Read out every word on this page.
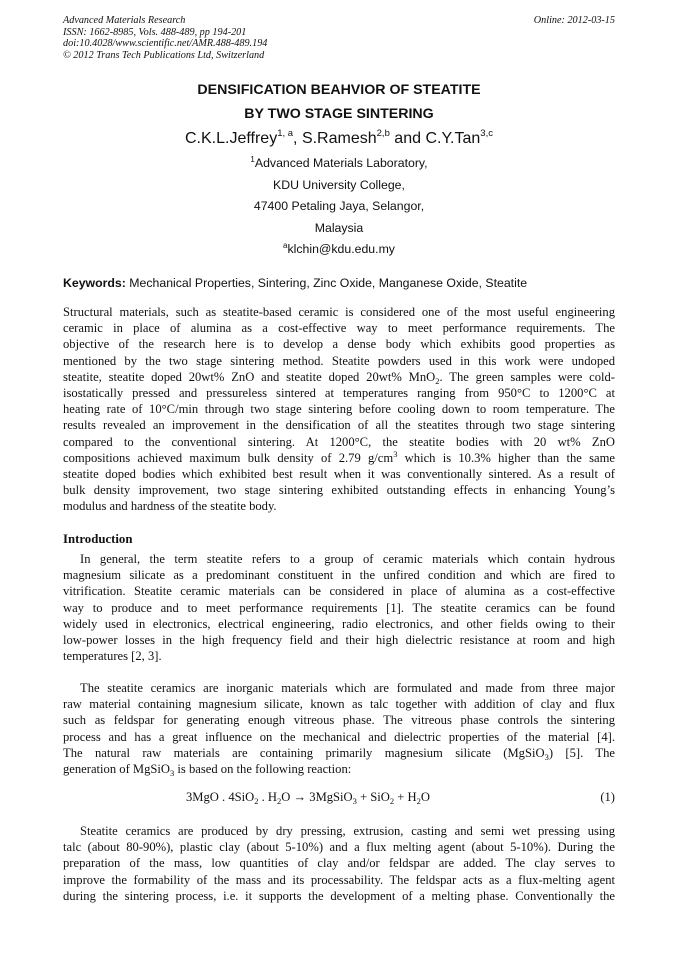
Advanced Materials Research
ISSN: 1662-8985, Vols. 488-489, pp 194-201
doi:10.4028/www.scientific.net/AMR.488-489.194
© 2012 Trans Tech Publications Ltd, Switzerland
Online: 2012-03-15
DENSIFICATION BEAHVIOR OF STEATITE
BY TWO STAGE SINTERING
C.K.L.Jeffrey$^{1, a}$, S.Ramesh$^{2,b}$ and C.Y.Tan$^{3,c}$
$^1$Advanced Materials Laboratory,
KDU University College,
47400 Petaling Jaya, Selangor,
Malaysia
$^a$klchin@kdu.edu.my
Keywords: Mechanical Properties, Sintering, Zinc Oxide, Manganese Oxide, Steatite
Structural materials, such as steatite-based ceramic is considered one of the most useful engineering
ceramic in place of alumina as a cost-effective way to meet performance requirements. The
objective of the research here is to develop a dense body which exhibits good properties as
mentioned by the two stage sintering method. Steatite powders used in this work were undoped
steatite, steatite doped 20wt% ZnO and steatite doped 20wt% MnO$_2$. The green samples were cold-
isostatically pressed and pressureless sintered at temperatures ranging from 950°C to 1200°C at
heating rate of 10°C/min through two stage sintering before cooling down to room temperature. The
results revealed an improvement in the densification of all the steatites through two stage sintering
compared to the conventional sintering. At 1200°C, the steatite bodies with 20 wt% ZnO
compositions achieved maximum bulk density of 2.79 $g/cm^3$ which is 10.3% higher than the same
steatite doped bodies which exhibited best result when it was conventionally sintered. As a result of
bulk density improvement, two stage sintering exhibited outstanding effects in enhancing Young’s
modulus and hardness of the steatite body.
Introduction
In general, the term steatite refers to a group of ceramic materials which contain hydrous
magnesium silicate as a predominant constituent in the unfired condition and which are fired to
vitrification. Steatite ceramic materials can be considered in place of alumina as a cost-effective
way to produce and to meet performance requirements [1]. The steatite ceramics can be found
widely used in electronics, electrical engineering, radio electronics, and other fields owing to their
low-power losses in the high frequency field and their high dielectric resistance at room and high
temperatures [2, 3].
The steatite ceramics are inorganic materials which are formulated and made from three major
raw material containing magnesium silicate, known as talc together with addition of clay and flux
such as feldspar for generating enough vitreous phase. The vitreous phase controls the sintering
process and has a great influence on the mechanical and dielectric properties of the material [4].
The natural raw materials are containing primarily magnesium silicate (MgSiO$_3$) [5]. The
generation of MgSiO$_3$ is based on the following reaction:
3MgO . 4SiO$_2$ . $H_2O$ → 3MgSiO$_3$ + $SiO_2 + H_2O$	(1)
Steatite ceramics are produced by dry pressing, extrusion, casting and semi wet pressing using
talc (about 80-90%), plastic clay (about 5-10%) and a flux melting agent (about 5-10%). During the
preparation of the mass, low quantities of clay and/or feldspar are added. The clay serves to
improve the formability of the mass and its processability. The feldspar acts as a flux-melting agent
during the sintering process, i.e. it supports the development of a melting phase. Conventionally the
